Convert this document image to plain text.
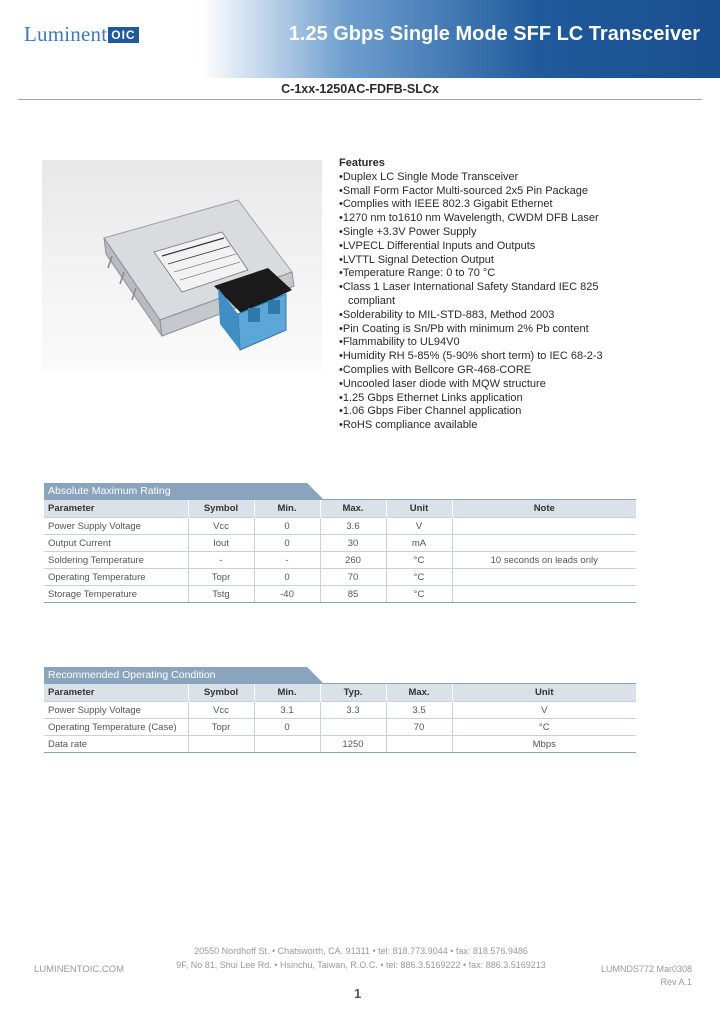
Luminent OIC	1.25 Gbps Single Mode SFF LC Transceiver
C-1xx-1250AC-FDFB-SLCx
Features
• Duplex LC Single Mode Transceiver
• Small Form Factor Multi-sourced 2x5 Pin Package
• Complies with IEEE 802.3 Gigabit Ethernet
• 1270 nm to1610 nm Wavelength, CWDM DFB Laser
• Single +3.3V Power Supply
• LVPECL Differential Inputs and Outputs
• LVTTL Signal Detection Output
• Temperature Range: 0 to 70 °C
• Class 1 Laser International Safety Standard IEC 825 compliant
• Solderability to MIL-STD-883, Method 2003
• Pin Coating is Sn/Pb with minimum 2% Pb content
• Flammability to UL94V0
• Humidity RH 5-85% (5-90% short term) to IEC 68-2-3
• Complies with Bellcore GR-468-CORE
• Uncooled laser diode with MQW structure
• 1.25 Gbps Ethernet Links application
• 1.06 Gbps Fiber Channel application
• RoHS compliance available
Absolute Maximum Rating
Parameter	Symbol	Min.	Max.	Unit	Note
Power Supply Voltage	Vcc	0	3.6	V	
Output Current	Iout	0	30	mA	
Soldering Temperature	-	-	260	°C	10 seconds on leads only
Operating Temperature	Topr	0	70	°C	
Storage Temperature	Tstg	-40	85	°C	
Recommended Operating Condition
Parameter	Symbol	Min.	Typ.	Max.	Unit
Power Supply Voltage	Vcc	3.1	3.3	3.5	V
Operating Temperature (Case)	Topr	0		70	°C
Data rate			1250		Mbps
LUMINENTOIC.COM
20550 Nordhoff St. • Chatsworth, CA. 91311 • tel: 818.773.9044 • fax: 818.576.9486
9F, No 81, Shui Lee Rd. • Hsinchu, Taiwan, R.O.C. • tel: 886.3.5169222 • fax: 886.3.5169213	LUMNDS772 Mar0308
Rev A.1
1
